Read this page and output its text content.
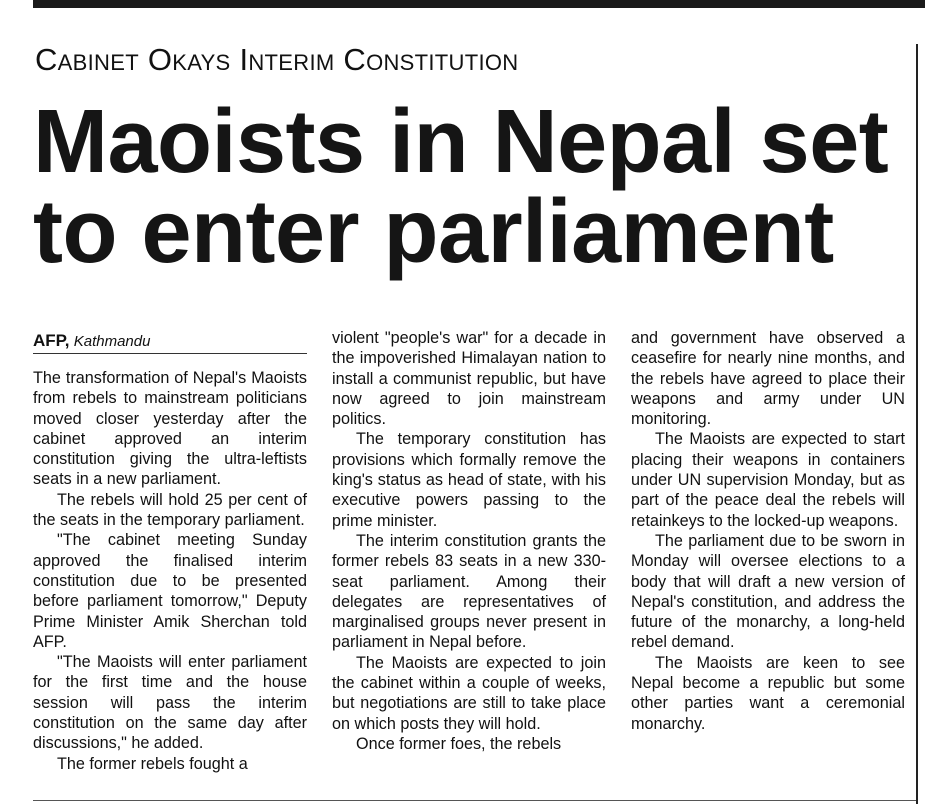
Cabinet Okays Interim Constitution
Maoists in Nepal set to enter parliament
AFP, Kathmandu

The transformation of Nepal's Maoists from rebels to mainstream politicians moved closer yesterday after the cabinet approved an interim constitution giving the ultra-leftists seats in a new parliament.

The rebels will hold 25 per cent of the seats in the temporary parliament.

"The cabinet meeting Sunday approved the finalised interim constitution due to be presented before parliament tomorrow," Deputy Prime Minister Amik Sherchan told AFP.

"The Maoists will enter parliament for the first time and the house session will pass the interim constitution on the same day after discussions," he added.

The former rebels fought a

violent "people's war" for a decade in the impoverished Himalayan nation to install a communist republic, but have now agreed to join mainstream politics.

The temporary constitution has provisions which formally remove the king's status as head of state, with his executive powers passing to the prime minister.

The interim constitution grants the former rebels 83 seats in a new 330-seat parliament. Among their delegates are representatives of marginalised groups never present in parliament in Nepal before.

The Maoists are expected to join the cabinet within a couple of weeks, but negotiations are still to take place on which posts they will hold.

Once former foes, the rebels

and government have observed a ceasefire for nearly nine months, and the rebels have agreed to place their weapons and army under UN monitoring.

The Maoists are expected to start placing their weapons in containers under UN supervision Monday, but as part of the peace deal the rebels will retainkeys to the locked-up weapons.

The parliament due to be sworn in Monday will oversee elections to a body that will draft a new version of Nepal's constitution, and address the future of the monarchy, a long-held rebel demand.

The Maoists are keen to see Nepal become a republic but some other parties want a ceremonial monarchy.
